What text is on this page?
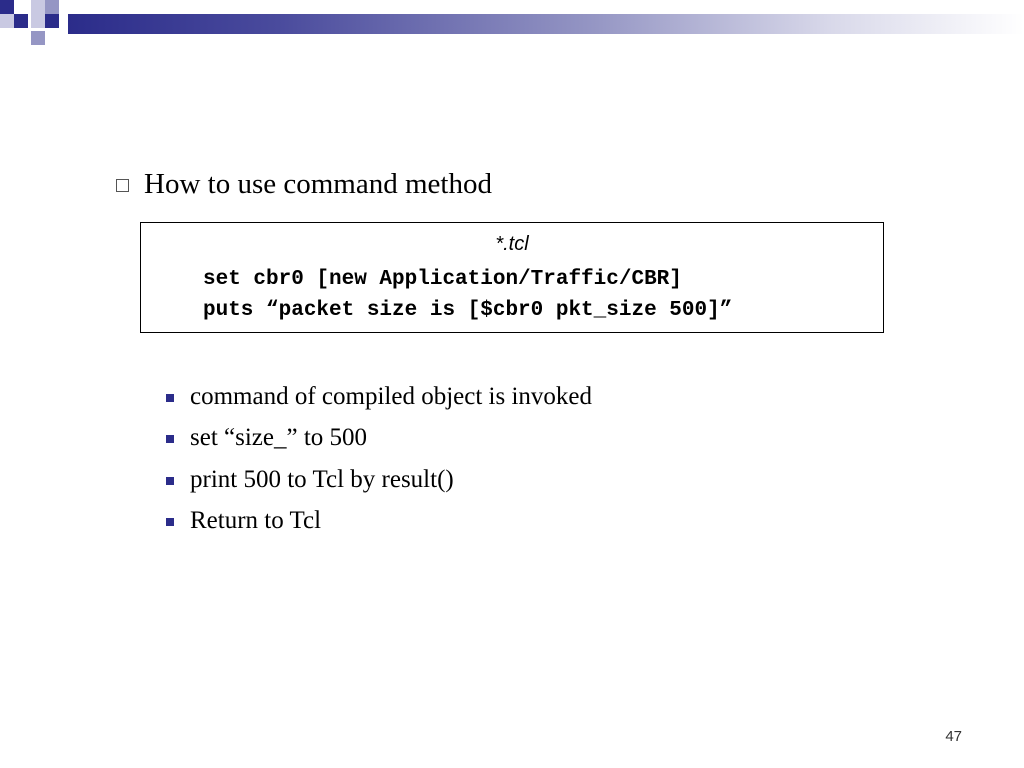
How to use command method
*.tcl
set cbr0 [new Application/Traffic/CBR]
puts “packet size is [$cbr0 pkt_size 500]”
command of compiled object is invoked
set “size_” to 500
print 500 to Tcl by result()
Return to Tcl
47
